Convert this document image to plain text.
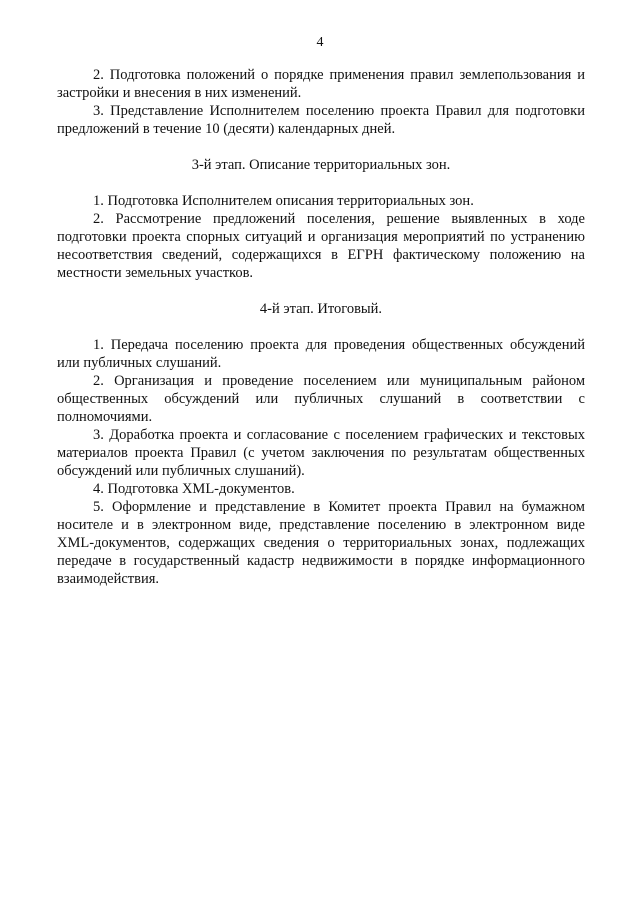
4

2. Подготовка положений о порядке применения правил землепользования и застройки и внесения в них изменений.

3. Представление Исполнителем поселению проекта Правил для подготовки предложений в течение 10 (десяти) календарных дней.

3-й этап. Описание территориальных зон.

1. Подготовка Исполнителем описания территориальных зон.

2. Рассмотрение предложений поселения, решение выявленных в ходе подготовки проекта спорных ситуаций и организация мероприятий по устранению несоответствия сведений, содержащихся в ЕГРН фактическому положению на местности земельных участков.

4-й этап. Итоговый.

1. Передача поселению проекта для проведения общественных обсуждений или публичных слушаний.

2. Организация и проведение поселением или муниципальным районом общественных обсуждений или публичных слушаний в соответствии с полномочиями.

3. Доработка проекта и согласование с поселением графических и текстовых материалов проекта Правил (с учетом заключения по результатам общественных обсуждений или публичных слушаний).

4. Подготовка XML-документов.

5. Оформление и представление в Комитет проекта Правил на бумажном носителе и в электронном виде, представление поселению в электронном виде XML-документов, содержащих сведения о территориальных зонах, подлежащих передаче в государственный кадастр недвижимости в порядке информационного взаимодействия.
